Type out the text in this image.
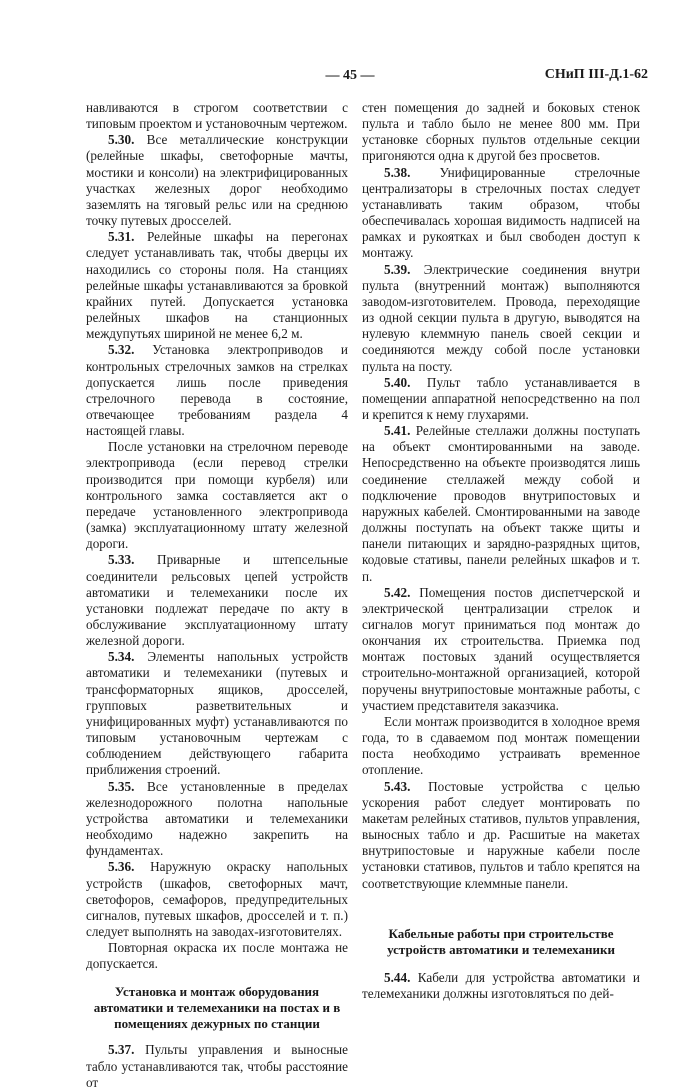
— 45 —	СНиП III-Д.1-62

навливаются в строгом соответствии с типовым проектом и установочным чертежом.

5.30. Все металлические конструкции (релейные шкафы, светофорные мачты, мостики и консоли) на электрифицированных участках железных дорог необходимо заземлять на тяговый рельс или на среднюю точку путевых дросселей.

5.31. Релейные шкафы на перегонах следует устанавливать так, чтобы дверцы их находились со стороны поля. На станциях релейные шкафы устанавливаются за бровкой крайних путей. Допускается установка релейных шкафов на станционных междупутьях шириной не менее 6,2 м.

5.32. Установка электроприводов и контрольных стрелочных замков на стрелках допускается лишь после приведения стрелочного перевода в состояние, отвечающее требованиям раздела 4 настоящей главы.

После установки на стрелочном переводе электропривода (если перевод стрелки производится при помощи курбеля) или контрольного замка составляется акт о передаче установленного электропривода (замка) эксплуатационному штату железной дороги.

5.33. Приварные и штепсельные соединители рельсовых цепей устройств автоматики и телемеханики после их установки подлежат передаче по акту в обслуживание эксплуатационному штату железной дороги.

5.34. Элементы напольных устройств автоматики и телемеханики (путевых и трансформаторных ящиков, дросселей, групповых разветвительных и унифицированных муфт) устанавливаются по типовым установочным чертежам с соблюдением действующего габарита приближения строений.

5.35. Все установленные в пределах железнодорожного полотна напольные устройства автоматики и телемеханики необходимо надежно закрепить на фундаментах.

5.36. Наружную окраску напольных устройств (шкафов, светофорных мачт, светофоров, семафоров, предупредительных сигналов, путевых шкафов, дросселей и т. п.) следует выполнять на заводах-изготовителях.

Повторная окраска их после монтажа не допускается.

Установка и монтаж оборудования автоматики и телемеханики на постах и в помещениях дежурных по станции

5.37. Пульты управления и выносные табло устанавливаются так, чтобы расстояние от

стен помещения до задней и боковых стенок пульта и табло было не менее 800 мм. При установке сборных пультов отдельные секции пригоняются одна к другой без просветов.

5.38. Унифицированные стрелочные централизаторы в стрелочных постах следует устанавливать таким образом, чтобы обеспечивалась хорошая видимость надписей на рамках и рукоятках и был свободен доступ к монтажу.

5.39. Электрические соединения внутри пульта (внутренний монтаж) выполняются заводом-изготовителем. Провода, переходящие из одной секции пульта в другую, выводятся на нулевую клеммную панель своей секции и соединяются между собой после установки пульта на посту.

5.40. Пульт табло устанавливается в помещении аппаратной непосредственно на пол и крепится к нему глухарями.

5.41. Релейные стеллажи должны поступать на объект смонтированными на заводе. Непосредственно на объекте производятся лишь соединение стеллажей между собой и подключение проводов внутрипостовых и наружных кабелей. Смонтированными на заводе должны поступать на объект также щиты и панели питающих и зарядно-разрядных щитов, кодовые стативы, панели релейных шкафов и т. п.

5.42. Помещения постов диспетчерской и электрической централизации стрелок и сигналов могут приниматься под монтаж до окончания их строительства. Приемка под монтаж постовых зданий осуществляется строительно-монтажной организацией, которой поручены внутрипостовые монтажные работы, с участием представителя заказчика.

Если монтаж производится в холодное время года, то в сдаваемом под монтаж помещении поста необходимо устраивать временное отопление.

5.43. Постовые устройства с целью ускорения работ следует монтировать по макетам релейных стативов, пультов управления, выносных табло и др. Расшитые на макетах внутрипостовые и наружные кабели после установки стативов, пультов и табло крепятся на соответствующие клеммные панели.

Кабельные работы при строительстве устройств автоматики и телемеханики

5.44. Кабели для устройства автоматики и телемеханики должны изготовляться по дей-
